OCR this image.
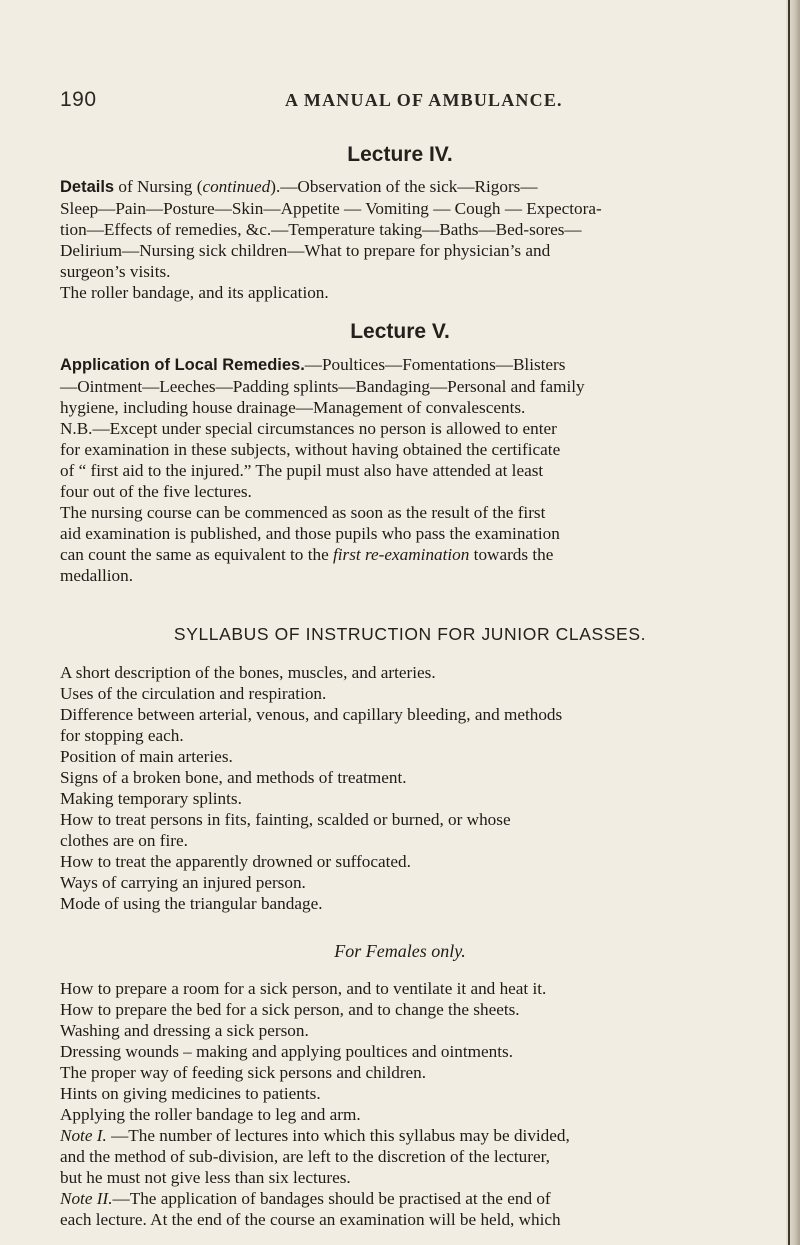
190	A MANUAL OF AMBULANCE.
Lecture IV.

Details of Nursing (continued).—Observation of the sick—Rigors—

Sleep—Pain—Posture—Skin—Appetite — Vomiting — Cough — Expectora-

tion—Effects of remedies, &c.—Temperature taking—Baths—Bed-sores—

Delirium—Nursing sick children—What to prepare for physician’s and

surgeon’s visits.

The roller bandage, and its application.

Lecture V.

Application of Local Remedies.—Poultices—Fomentations—Blisters

—Ointment—Leeches—Padding splints—Bandaging—Personal and family

hygiene, including house drainage—Management of convalescents.

N.B.—Except under special circumstances no person is allowed to enter

for examination in these subjects, without having obtained the certificate

of “ first aid to the injured.” The pupil must also have attended at least

four out of the five lectures.

The nursing course can be commenced as soon as the result of the first

aid examination is published, and those pupils who pass the examination

can count the same as equivalent to the first re-examination towards the

medallion.

SYLLABUS OF INSTRUCTION FOR JUNIOR CLASSES.

A short description of the bones, muscles, and arteries.

Uses of the circulation and respiration.

Difference between arterial, venous, and capillary bleeding, and methods

for stopping each.

Position of main arteries.

Signs of a broken bone, and methods of treatment.

Making temporary splints.

How to treat persons in fits, fainting, scalded or burned, or whose

clothes are on fire.

How to treat the apparently drowned or suffocated.

Ways of carrying an injured person.

Mode of using the triangular bandage.

For Females only.

How to prepare a room for a sick person, and to ventilate it and heat it.

How to prepare the bed for a sick person, and to change the sheets.

Washing and dressing a sick person.

Dressing wounds – making and applying poultices and ointments.

The proper way of feeding sick persons and children.

Hints on giving medicines to patients.

Applying the roller bandage to leg and arm.

Note I. —The number of lectures into which this syllabus may be divided,

and the method of sub-division, are left to the discretion of the lecturer,

but he must not give less than six lectures.

Note II.—The application of bandages should be practised at the end of

each lecture. At the end of the course an examination will be held, which
